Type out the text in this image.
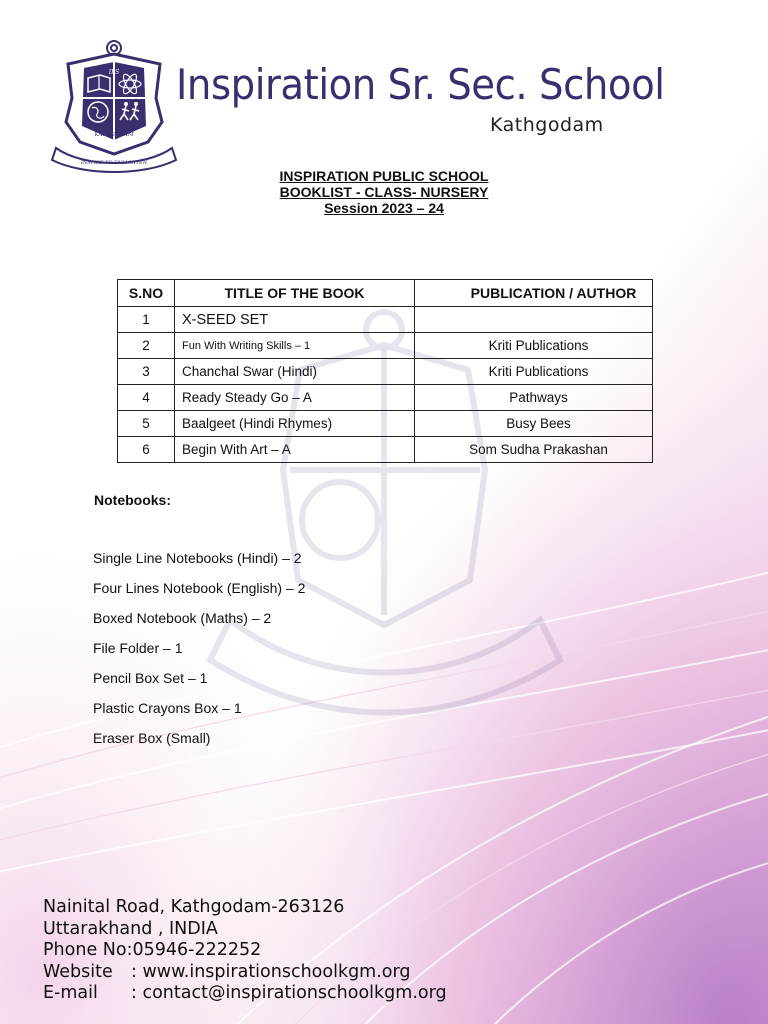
IPS
KATHGODAM
INSPIRE TO ENLIGHTEN
Inspiration Sr. Sec. School
Kathgodam
INSPIRATION PUBLIC SCHOOL
BOOKLIST - CLASS- NURSERY
Session 2023 – 24
S.NO	TITLE OF THE BOOK	PUBLICATION / AUTHOR
1	X-SEED SET	
2	Fun With Writing Skills – 1	Kriti Publications
3	Chanchal Swar (Hindi)	Kriti Publications
4	Ready Steady Go – A	Pathways
5	Baalgeet (Hindi Rhymes)	Busy Bees
6	Begin With Art – A	Som Sudha Prakashan
Notebooks:
Single Line Notebooks (Hindi) – 2
Four Lines Notebook (English) – 2
Boxed Notebook (Maths) – 2
File Folder – 1
Pencil Box Set – 1
Plastic Crayons Box – 1
Eraser Box (Small)
Nainital Road, Kathgodam-263126
Uttarakhand , INDIA
Phone No:05946-222252
Website : www.inspirationschoolkgm.org
E-mail : contact@inspirationschoolkgm.org
